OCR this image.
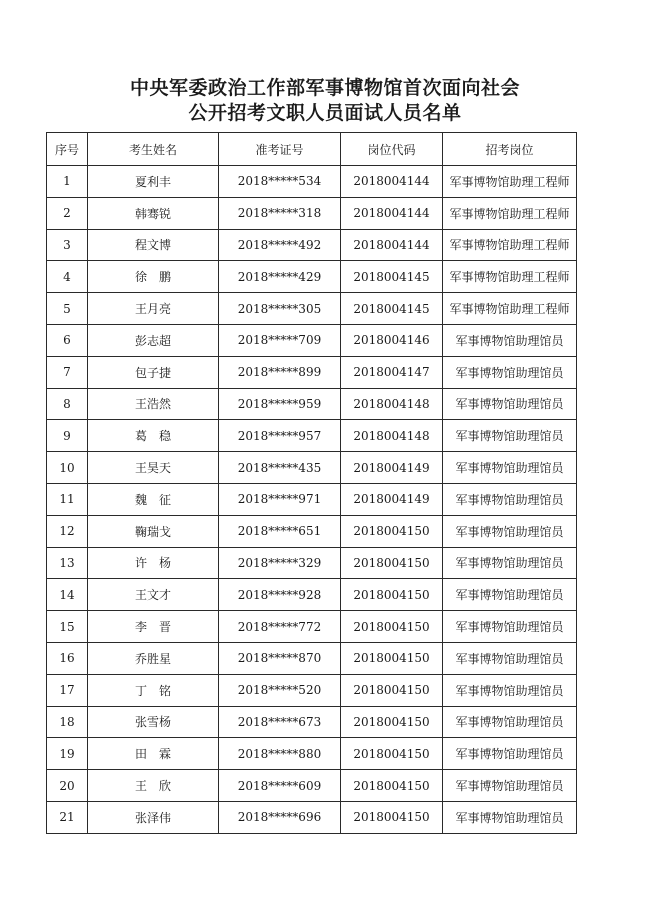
中央军委政治工作部军事博物馆首次面向社会
公开招考文职人员面试人员名单
序号	考生姓名	准考证号	岗位代码	招考岗位
1	夏利丰	2018*****534	2018004144	军事博物馆助理工程师
2	韩骞锐	2018*****318	2018004144	军事博物馆助理工程师
3	程文博	2018*****492	2018004144	军事博物馆助理工程师
4	徐　鹏	2018*****429	2018004145	军事博物馆助理工程师
5	王月亮	2018*****305	2018004145	军事博物馆助理工程师
6	彭志超	2018*****709	2018004146	军事博物馆助理馆员
7	包子捷	2018*****899	2018004147	军事博物馆助理馆员
8	王浩然	2018*****959	2018004148	军事博物馆助理馆员
9	葛　稳	2018*****957	2018004148	军事博物馆助理馆员
10	王昊天	2018*****435	2018004149	军事博物馆助理馆员
11	魏　征	2018*****971	2018004149	军事博物馆助理馆员
12	鞠瑞戈	2018*****651	2018004150	军事博物馆助理馆员
13	许　杨	2018*****329	2018004150	军事博物馆助理馆员
14	王文才	2018*****928	2018004150	军事博物馆助理馆员
15	李　晋	2018*****772	2018004150	军事博物馆助理馆员
16	乔胜星	2018*****870	2018004150	军事博物馆助理馆员
17	丁　铭	2018*****520	2018004150	军事博物馆助理馆员
18	张雪杨	2018*****673	2018004150	军事博物馆助理馆员
19	田　霖	2018*****880	2018004150	军事博物馆助理馆员
20	王　欣	2018*****609	2018004150	军事博物馆助理馆员
21	张泽伟	2018*****696	2018004150	军事博物馆助理馆员
